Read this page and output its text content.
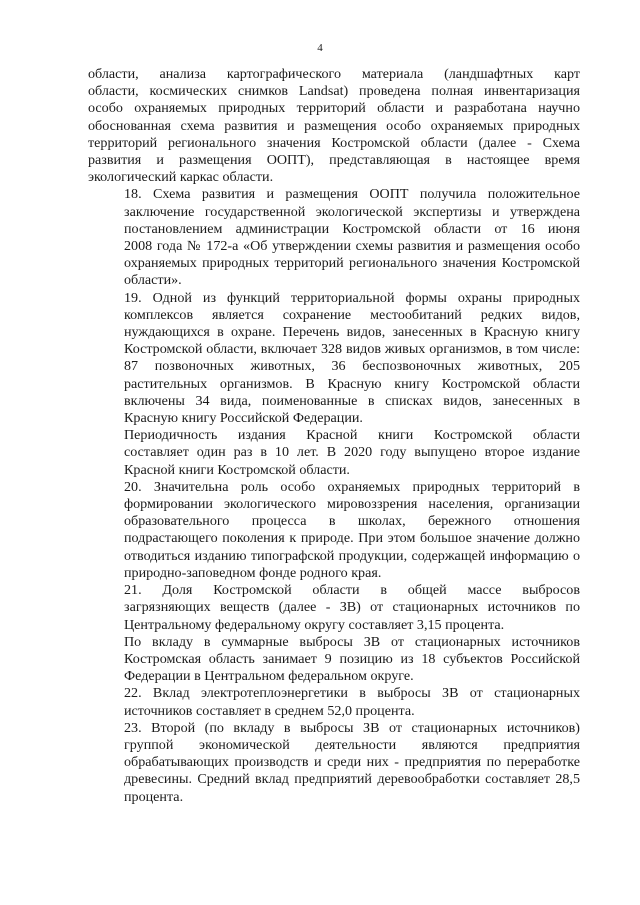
4

области, анализа картографического материала (ландшафтных карт
области, космических снимков Landsat) проведена полная инвентаризация
особо охраняемых природных территорий области и разработана научно
обоснованная схема развития и размещения особо охраняемых природных
территорий регионального значения Костромской области (далее - Схема
развития и размещения ООПТ), представляющая в настоящее время
экологический каркас области.

18. Схема развития и размещения ООПТ получила положительное
заключение государственной экологической экспертизы и утверждена
постановлением администрации Костромской области от 16 июня
2008 года № 172-а «Об утверждении схемы развития и размещения особо
охраняемых природных территорий регионального значения Костромской
области».

19. Одной из функций территориальной формы охраны природных
комплексов является сохранение местообитаний редких видов,
нуждающихся в охране. Перечень видов, занесенных в Красную книгу
Костромской области, включает 328 видов живых организмов, в том числе:
87 позвоночных животных, 36 беспозвоночных животных, 205
растительных организмов. В Красную книгу Костромской области
включены 34 вида, поименованные в списках видов, занесенных в
Красную книгу Российской Федерации.

Периодичность издания Красной книги Костромской области
составляет один раз в 10 лет. В 2020 году выпущено второе издание
Красной книги Костромской области.

20. Значительна роль особо охраняемых природных территорий в
формировании экологического мировоззрения населения, организации
образовательного процесса в школах, бережного отношения
подрастающего поколения к природе. При этом большое значение должно
отводиться изданию типографской продукции, содержащей информацию о
природно-заповедном фонде родного края.

21. Доля Костромской области в общей массе выбросов
загрязняющих веществ (далее - ЗВ) от стационарных источников по
Центральному федеральному округу составляет 3,15 процента.

По вкладу в суммарные выбросы ЗВ от стационарных источников
Костромская область занимает 9 позицию из 18 субъектов Российской
Федерации в Центральном федеральном округе.

22. Вклад электротеплоэнергетики в выбросы ЗВ от стационарных
источников составляет в среднем 52,0 процента.

23. Второй (по вкладу в выбросы ЗВ от стационарных источников)
группой экономической деятельности являются предприятия
обрабатывающих производств и среди них - предприятия по переработке
древесины. Средний вклад предприятий деревообработки составляет 28,5
процента.
